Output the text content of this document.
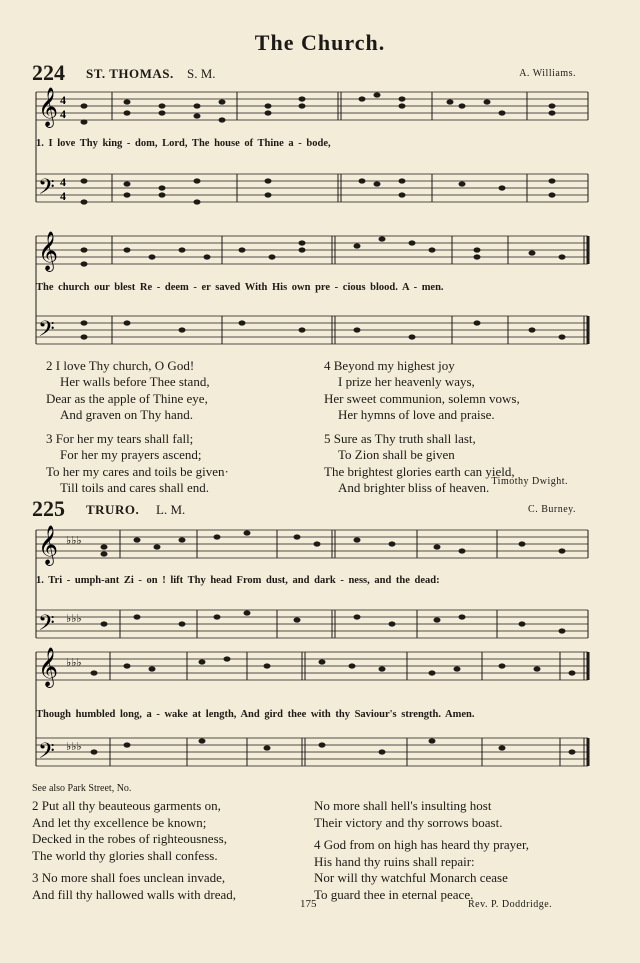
The Church.
224 ST. THOMAS. S. M.	A. Williams.
𝄞
𝄢
4
4
4
4
1. I love Thy king - dom, Lord, The house of Thine a - bode,
𝄞
𝄢
The church our blest Re - deem - er saved With His own pre - cious blood. A - men.
2 I love Thy church, O God!
Her walls before Thee stand,
Dear as the apple of Thine eye,
And graven on Thy hand.
3 For her my tears shall fall;
For her my prayers ascend;
To her my cares and toils be given·
Till toils and cares shall end.
4 Beyond my highest joy
I prize her heavenly ways,
Her sweet communion, solemn vows,
Her hymns of love and praise.
5 Sure as Thy truth shall last,
To Zion shall be given
The brightest glories earth can yield,
And brighter bliss of heaven. Timothy Dwight.
225 TRURO. L. M.	C. Burney.
𝄞
𝄢
♭♭♭
♭♭♭
1. Tri - umph-ant Zi - on ! lift Thy head From dust, and dark - ness, and the dead:
𝄞
𝄢
♭♭♭
♭♭♭
Though humbled long, a - wake at length, And gird thee with thy Saviour's strength. Amen.
See also Park Street, No.
2 Put all thy beauteous garments on,
And let thy excellence be known;
Decked in the robes of righteousness,
The world thy glories shall confess.
3 No more shall foes unclean invade,
And fill thy hallowed walls with dread,
No more shall hell's insulting host
Their victory and thy sorrows boast.
4 God from on high has heard thy prayer,
His hand thy ruins shall repair:
Nor will thy watchful Monarch cease
To guard thee in eternal peace.
175	Rev. P. Doddridge.
